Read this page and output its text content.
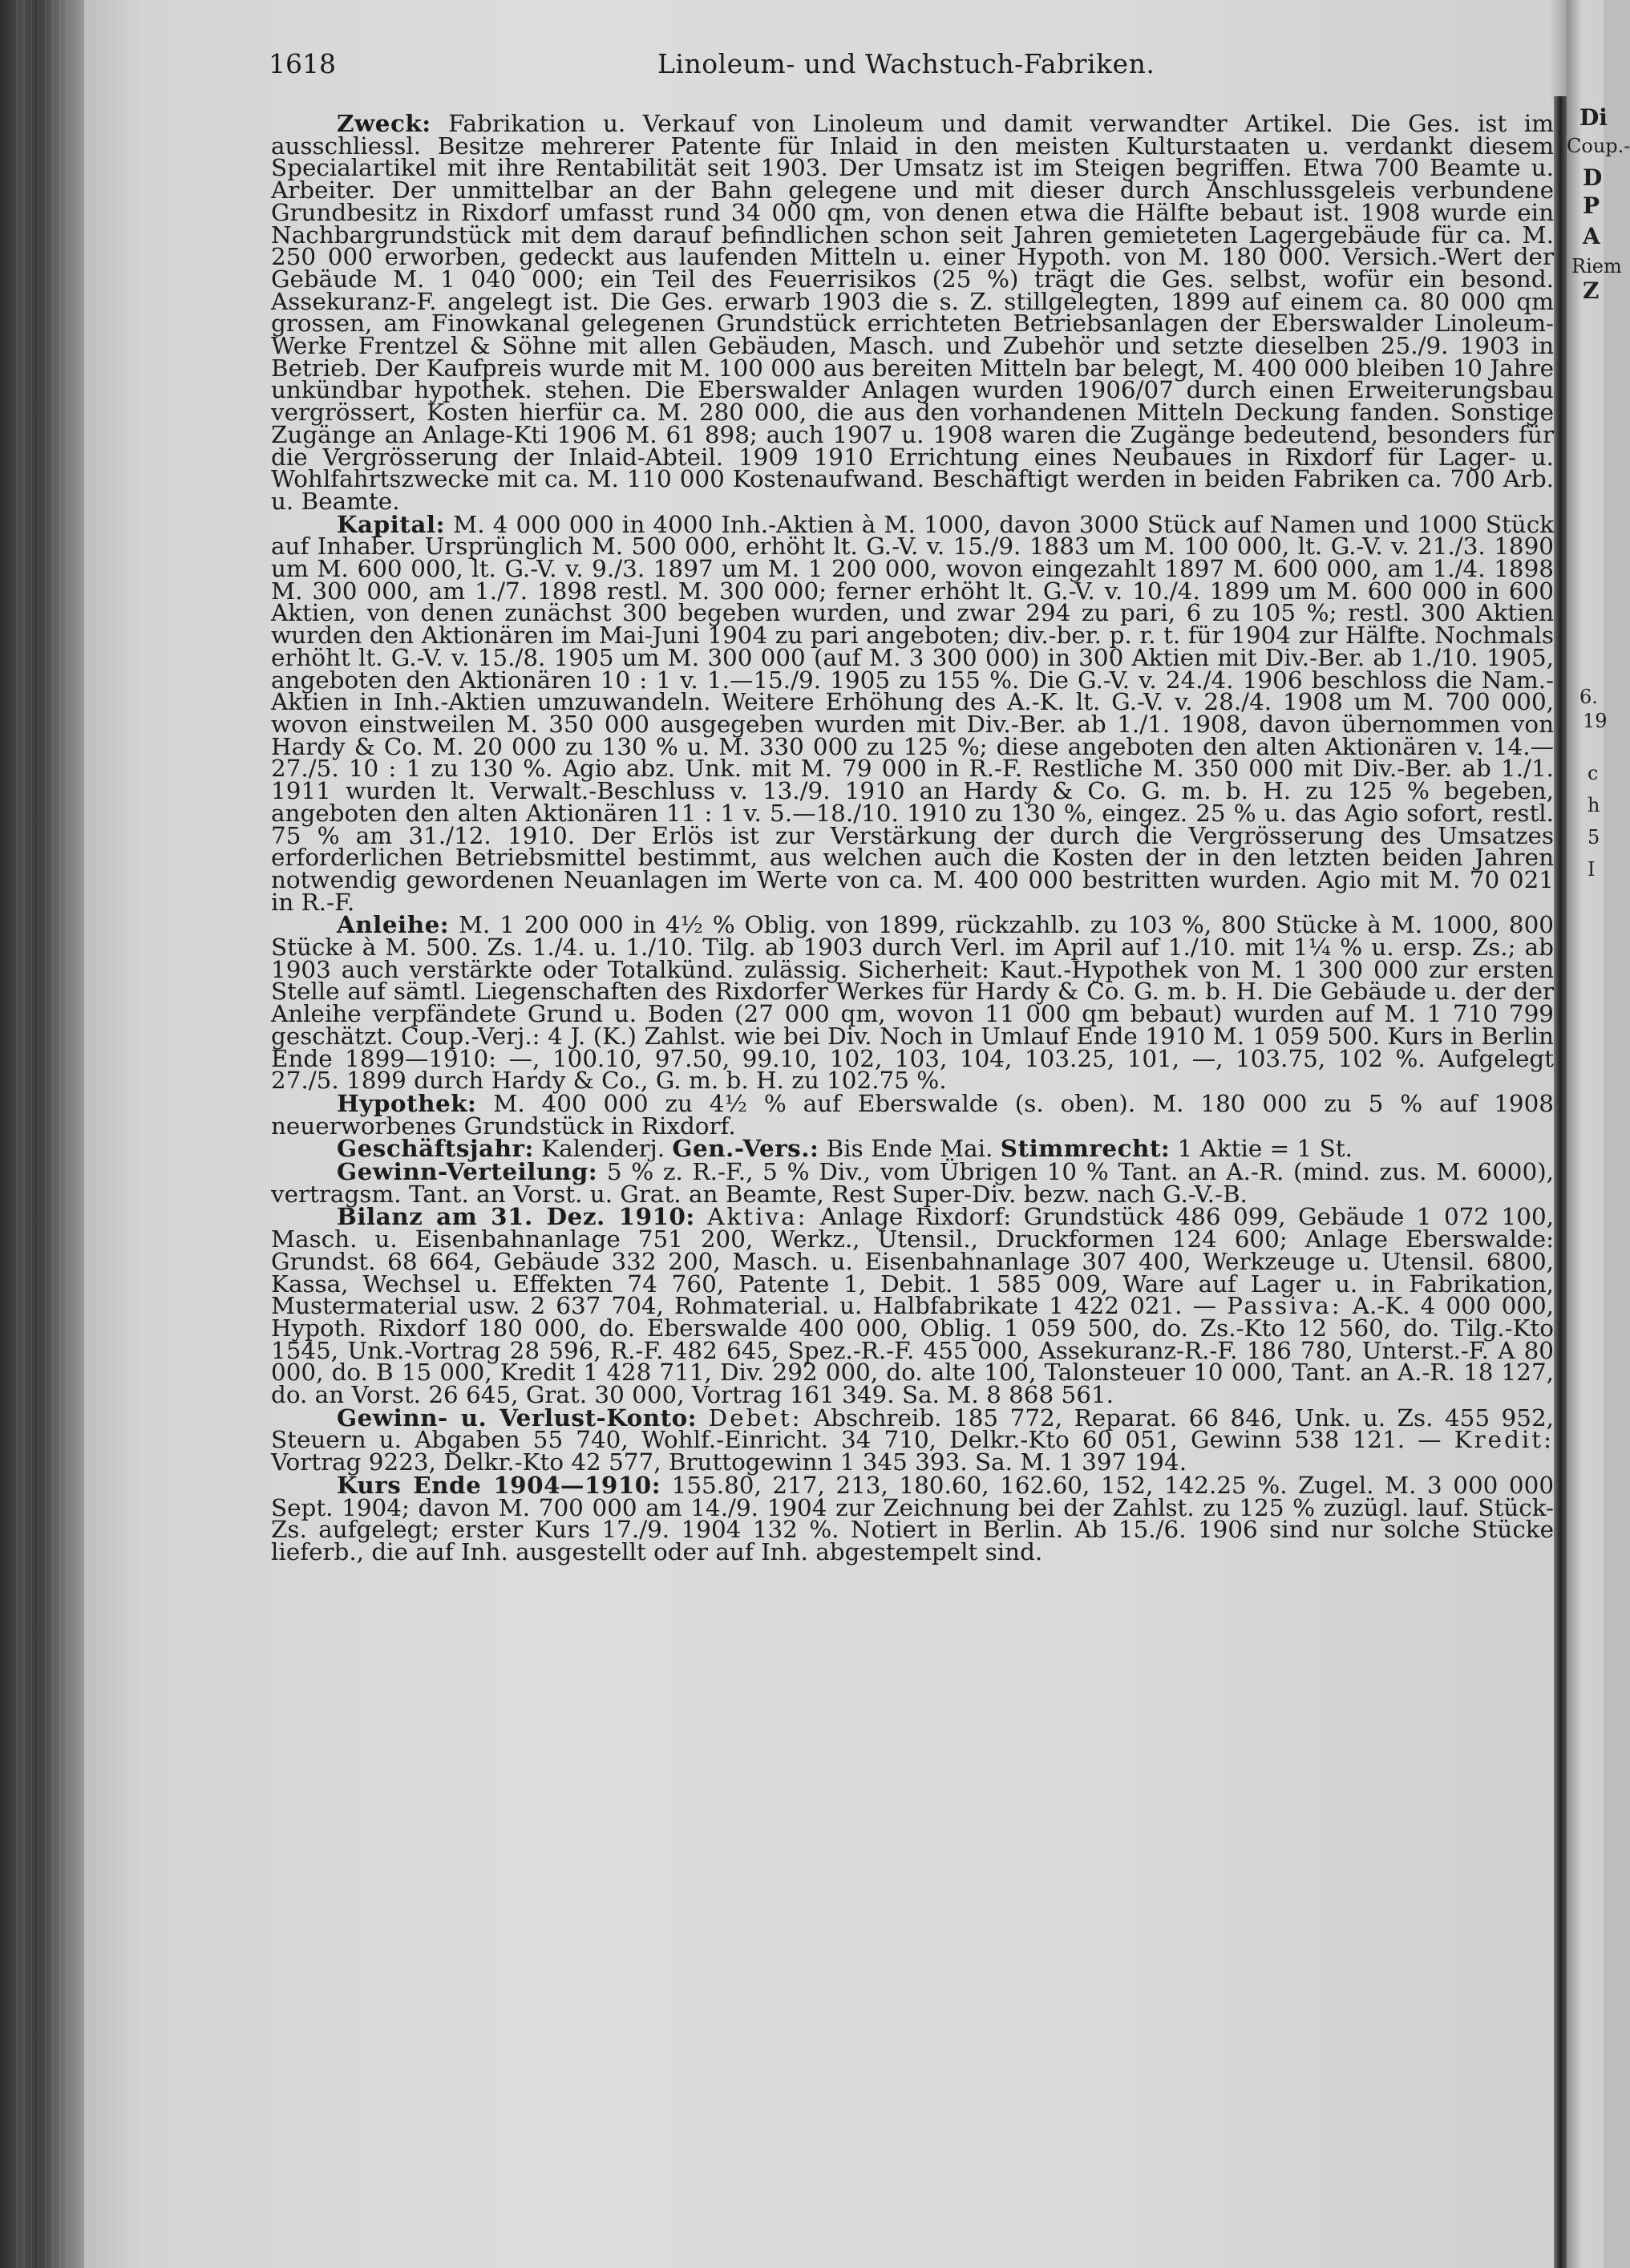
Di
Coup.-
D
P
A
Riem
Z
6.
19
c
h
5
I
1618	Linoleum- und Wachstuch-Fabriken.

Zweck: Fabrikation u. Verkauf von Linoleum und damit verwandter Artikel. Die Ges. ist im ausschliessl. Besitze mehrerer Patente für Inlaid in den meisten Kulturstaaten u. verdankt diesem Specialartikel mit ihre Rentabilität seit 1903. Der Umsatz ist im Steigen begriffen. Etwa 700 Beamte u. Arbeiter. Der unmittelbar an der Bahn gelegene und mit dieser durch Anschlussgeleis verbundene Grundbesitz in Rixdorf umfasst rund 34 000 qm, von denen etwa die Hälfte bebaut ist. 1908 wurde ein Nachbargrundstück mit dem darauf befindlichen schon seit Jahren gemieteten Lagergebäude für ca. M. 250 000 erworben, gedeckt aus laufenden Mitteln u. einer Hypoth. von M. 180 000. Versich.-Wert der Gebäude M. 1 040 000; ein Teil des Feuerrisikos (25 %) trägt die Ges. selbst, wofür ein besond. Assekuranz-F. angelegt ist. Die Ges. erwarb 1903 die s. Z. stillgelegten, 1899 auf einem ca. 80 000 qm grossen, am Finowkanal gelegenen Grundstück errichteten Betriebsanlagen der Eberswalder Linoleum-Werke Frentzel & Söhne mit allen Gebäuden, Masch. und Zubehör und setzte dieselben 25./9. 1903 in Betrieb. Der Kaufpreis wurde mit M. 100 000 aus bereiten Mitteln bar belegt, M. 400 000 bleiben 10 Jahre unkündbar hypothek. stehen. Die Eberswalder Anlagen wurden 1906/07 durch einen Erweiterungsbau vergrössert, Kosten hierfür ca. M. 280 000, die aus den vorhandenen Mitteln Deckung fanden. Sonstige Zugänge an Anlage-Kti 1906 M. 61 898; auch 1907 u. 1908 waren die Zugänge bedeutend, besonders für die Vergrösserung der Inlaid-Abteil. 1909 1910 Errichtung eines Neubaues in Rixdorf für Lager- u. Wohlfahrtszwecke mit ca. M. 110 000 Kostenaufwand. Beschäftigt werden in beiden Fabriken ca. 700 Arb. u. Beamte.

Kapital: M. 4 000 000 in 4000 Inh.-Aktien à M. 1000, davon 3000 Stück auf Namen und 1000 Stück auf Inhaber. Ursprünglich M. 500 000, erhöht lt. G.-V. v. 15./9. 1883 um M. 100 000, lt. G.-V. v. 21./3. 1890 um M. 600 000, lt. G.-V. v. 9./3. 1897 um M. 1 200 000, wovon eingezahlt 1897 M. 600 000, am 1./4. 1898 M. 300 000, am 1./7. 1898 restl. M. 300 000; ferner erhöht lt. G.-V. v. 10./4. 1899 um M. 600 000 in 600 Aktien, von denen zunächst 300 begeben wurden, und zwar 294 zu pari, 6 zu 105 %; restl. 300 Aktien wurden den Aktionären im Mai-Juni 1904 zu pari angeboten; div.-ber. p. r. t. für 1904 zur Hälfte. Nochmals erhöht lt. G.-V. v. 15./8. 1905 um M. 300 000 (auf M. 3 300 000) in 300 Aktien mit Div.-Ber. ab 1./10. 1905, angeboten den Aktionären 10 : 1 v. 1.—15./9. 1905 zu 155 %. Die G.-V. v. 24./4. 1906 beschloss die Nam.-Aktien in Inh.-Aktien umzuwandeln. Weitere Erhöhung des A.-K. lt. G.-V. v. 28./4. 1908 um M. 700 000, wovon einstweilen M. 350 000 ausgegeben wurden mit Div.-Ber. ab 1./1. 1908, davon übernommen von Hardy & Co. M. 20 000 zu 130 % u. M. 330 000 zu 125 %; diese angeboten den alten Aktionären v. 14.—27./5. 10 : 1 zu 130 %. Agio abz. Unk. mit M. 79 000 in R.-F. Restliche M. 350 000 mit Div.-Ber. ab 1./1. 1911 wurden lt. Verwalt.-Beschluss v. 13./9. 1910 an Hardy & Co. G. m. b. H. zu 125 % begeben, angeboten den alten Aktionären 11 : 1 v. 5.—18./10. 1910 zu 130 %, eingez. 25 % u. das Agio sofort, restl. 75 % am 31./12. 1910. Der Erlös ist zur Verstärkung der durch die Vergrösserung des Umsatzes erforderlichen Betriebsmittel bestimmt, aus welchen auch die Kosten der in den letzten beiden Jahren notwendig gewordenen Neuanlagen im Werte von ca. M. 400 000 bestritten wurden. Agio mit M. 70 021 in R.-F.

Anleihe: M. 1 200 000 in 4½ % Oblig. von 1899, rückzahlb. zu 103 %, 800 Stücke à M. 1000, 800 Stücke à M. 500. Zs. 1./4. u. 1./10. Tilg. ab 1903 durch Verl. im April auf 1./10. mit 1¼ % u. ersp. Zs.; ab 1903 auch verstärkte oder Totalkünd. zulässig. Sicherheit: Kaut.-Hypothek von M. 1 300 000 zur ersten Stelle auf sämtl. Liegenschaften des Rixdorfer Werkes für Hardy & Co. G. m. b. H. Die Gebäude u. der der Anleihe verpfändete Grund u. Boden (27 000 qm, wovon 11 000 qm bebaut) wurden auf M. 1 710 799 geschätzt. Coup.-Verj.: 4 J. (K.) Zahlst. wie bei Div. Noch in Umlauf Ende 1910 M. 1 059 500. Kurs in Berlin Ende 1899—1910: —, 100.10, 97.50, 99.10, 102, 103, 104, 103.25, 101, —, 103.75, 102 %. Aufgelegt 27./5. 1899 durch Hardy & Co., G. m. b. H. zu 102.75 %.

Hypothek: M. 400 000 zu 4½ % auf Eberswalde (s. oben). M. 180 000 zu 5 % auf 1908 neuerworbenes Grundstück in Rixdorf.

Geschäftsjahr: Kalenderj. Gen.-Vers.: Bis Ende Mai. Stimmrecht: 1 Aktie = 1 St.

Gewinn-Verteilung: 5 % z. R.-F., 5 % Div., vom Übrigen 10 % Tant. an A.-R. (mind. zus. M. 6000), vertragsm. Tant. an Vorst. u. Grat. an Beamte, Rest Super-Div. bezw. nach G.-V.-B.

Bilanz am 31. Dez. 1910: Aktiva: Anlage Rixdorf: Grundstück 486 099, Gebäude 1 072 100, Masch. u. Eisenbahnanlage 751 200, Werkz., Utensil., Druckformen 124 600; Anlage Eberswalde: Grundst. 68 664, Gebäude 332 200, Masch. u. Eisenbahnanlage 307 400, Werkzeuge u. Utensil. 6800, Kassa, Wechsel u. Effekten 74 760, Patente 1, Debit. 1 585 009, Ware auf Lager u. in Fabrikation, Mustermaterial usw. 2 637 704, Rohmaterial. u. Halbfabrikate 1 422 021. — Passiva: A.-K. 4 000 000, Hypoth. Rixdorf 180 000, do. Eberswalde 400 000, Oblig. 1 059 500, do. Zs.-Kto 12 560, do. Tilg.-Kto 1545, Unk.-Vortrag 28 596, R.-F. 482 645, Spez.-R.-F. 455 000, Assekuranz-R.-F. 186 780, Unterst.-F. A 80 000, do. B 15 000, Kredit 1 428 711, Div. 292 000, do. alte 100, Talonsteuer 10 000, Tant. an A.-R. 18 127, do. an Vorst. 26 645, Grat. 30 000, Vortrag 161 349. Sa. M. 8 868 561.

Gewinn- u. Verlust-Konto: Debet: Abschreib. 185 772, Reparat. 66 846, Unk. u. Zs. 455 952, Steuern u. Abgaben 55 740, Wohlf.-Einricht. 34 710, Delkr.-Kto 60 051, Gewinn 538 121. — Kredit: Vortrag 9223, Delkr.-Kto 42 577, Bruttogewinn 1 345 393. Sa. M. 1 397 194.

Kurs Ende 1904—1910: 155.80, 217, 213, 180.60, 162.60, 152, 142.25 %. Zugel. M. 3 000 000 Sept. 1904; davon M. 700 000 am 14./9. 1904 zur Zeichnung bei der Zahlst. zu 125 % zuzügl. lauf. Stück-Zs. aufgelegt; erster Kurs 17./9. 1904 132 %. Notiert in Berlin. Ab 15./6. 1906 sind nur solche Stücke lieferb., die auf Inh. ausgestellt oder auf Inh. abgestempelt sind.
